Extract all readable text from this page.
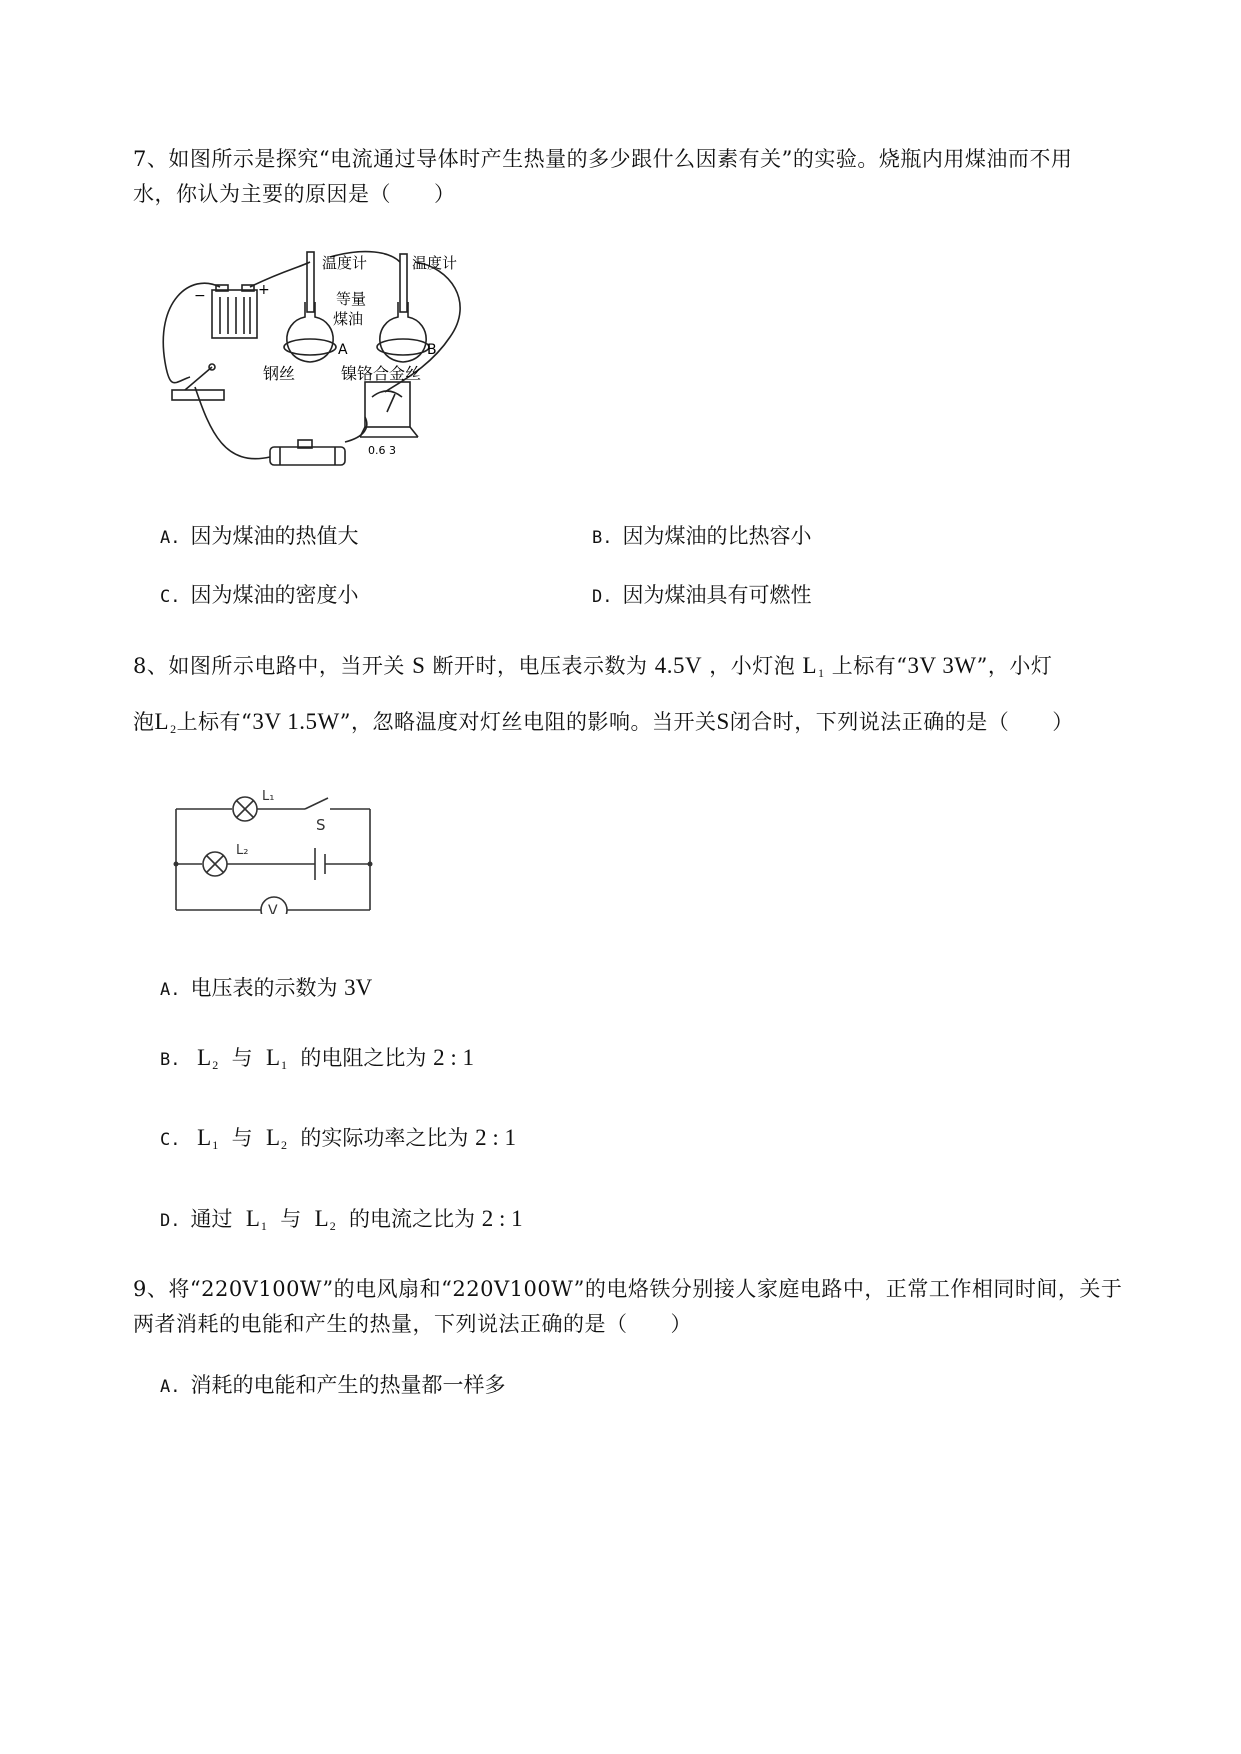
7、如图所示是探究“电流通过导体时产生热量的多少跟什么因素有关”的实验。烧瓶内用煤油而不用
水，你认为主要的原因是（　　）
温度计	温度计
等量
煤油
A	B
钢丝	镍铬合金丝
0.6 3
−	+
A. 因为煤油的热值大	B. 因为煤油的比热容小
C. 因为煤油的密度小	D. 因为煤油具有可燃性
8、如图所示电路中，当开关 S 断开时，电压表示数为 4.5V ，小灯泡 $L_1$ 上标有“3V 3W”，小灯
泡$L_2$上标有“3V 1.5W”，忽略温度对灯丝电阻的影响。当开关S闭合时，下列说法正确的是（　　）
L₁
S
L₂
V
A. 电压表的示数为 3V
B. $L_2$ 与 $L_1$ 的电阻之比为 2 : 1
C. $L_1$ 与 $L_2$ 的实际功率之比为 2 : 1
D. 通过 $L_1$ 与 $L_2$ 的电流之比为 2 : 1
9、将“220V100W”的电风扇和“220V100W”的电烙铁分别接人家庭电路中，正常工作相同时间，关于
两者消耗的电能和产生的热量，下列说法正确的是（　　）
A. 消耗的电能和产生的热量都一样多
